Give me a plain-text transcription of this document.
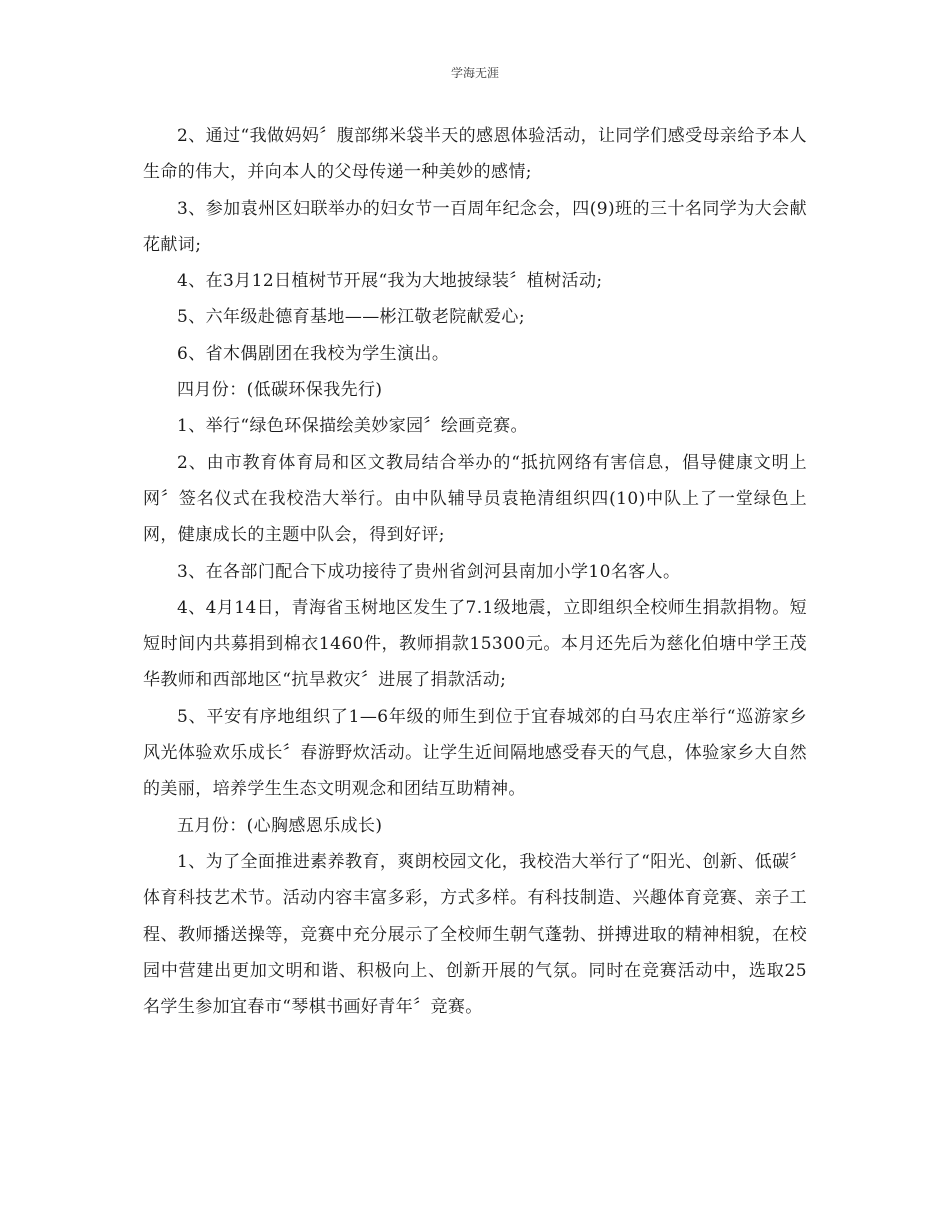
学海无涯

2、通过“我做妈妈〞腹部绑米袋半天的感恩体验活动，让同学们感受母亲给予本人生命的伟大，并向本人的父母传递一种美妙的感情;

3、参加袁州区妇联举办的妇女节一百周年纪念会，四(9)班的三十名同学为大会献花献词;

4、在3月12日植树节开展“我为大地披绿装〞植树活动;

5、六年级赴德育基地——彬江敬老院献爱心;

6、省木偶剧团在我校为学生演出。

四月份：(低碳环保我先行)

1、举行“绿色环保描绘美妙家园〞绘画竞赛。

2、由市教育体育局和区文教局结合举办的“抵抗网络有害信息，倡导健康文明上网〞签名仪式在我校浩大举行。由中队辅导员袁艳清组织四(10)中队上了一堂绿色上网，健康成长的主题中队会，得到好评;

3、在各部门配合下成功接待了贵州省剑河县南加小学10名客人。

4、4月14日，青海省玉树地区发生了7.1级地震，立即组织全校师生捐款捐物。短短时间内共募捐到棉衣1460件，教师捐款15300元。本月还先后为慈化伯塘中学王茂华教师和西部地区“抗旱救灾〞进展了捐款活动;

5、平安有序地组织了1—6年级的师生到位于宜春城郊的白马农庄举行“巡游家乡风光体验欢乐成长〞春游野炊活动。让学生近间隔地感受春天的气息，体验家乡大自然的美丽，培养学生生态文明观念和团结互助精神。

五月份：(心胸感恩乐成长)

1、为了全面推进素养教育，爽朗校园文化，我校浩大举行了“阳光、创新、低碳〞体育科技艺术节。活动内容丰富多彩，方式多样。有科技制造、兴趣体育竞赛、亲子工程、教师播送操等，竞赛中充分展示了全校师生朝气蓬勃、拼搏进取的精神相貌，在校园中营建出更加文明和谐、积极向上、创新开展的气氛。同时在竞赛活动中，选取25名学生参加宜春市“琴棋书画好青年〞竞赛。
